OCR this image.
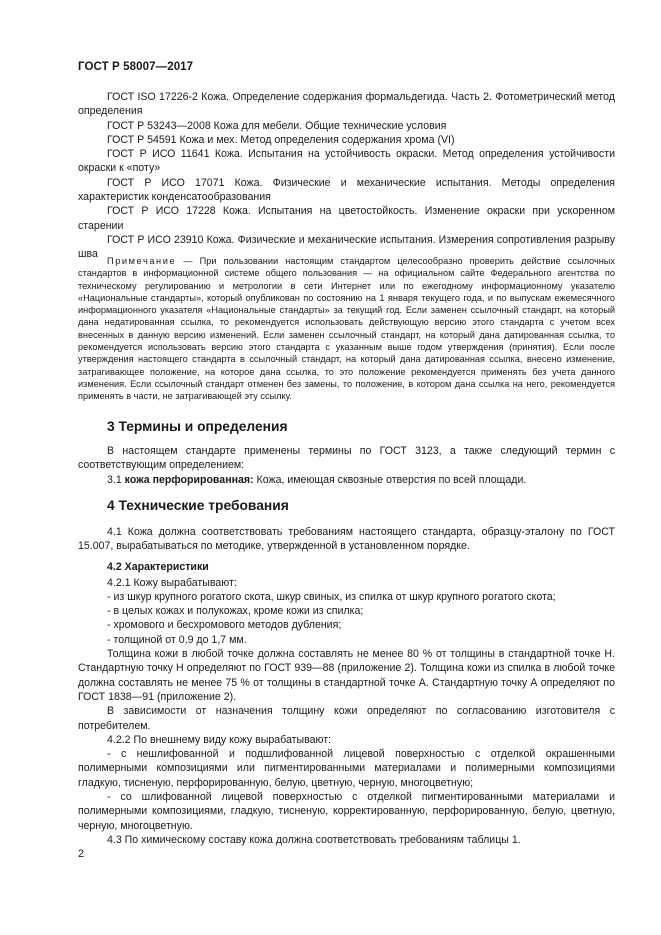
ГОСТ Р 58007—2017

ГОСТ ISO 17226-2 Кожа. Определение содержания формальдегида. Часть 2. Фотометрический метод определения

ГОСТ Р 53243—2008 Кожа для мебели. Общие технические условия

ГОСТ Р 54591 Кожа и мех. Метод определения содержания хрома (VI)

ГОСТ Р ИСО 11641 Кожа. Испытания на устойчивость окраски. Метод определения устойчивости окраски к «поту»

ГОСТ Р ИСО 17071 Кожа. Физические и механические испытания. Методы определения характеристик конденсатообразования

ГОСТ Р ИСО 17228 Кожа. Испытания на цветостойкость. Изменение окраски при ускоренном старении

ГОСТ Р ИСО 23910 Кожа. Физические и механические испытания. Измерения сопротивления разрыву шва

Примечание — При пользовании настоящим стандартом целесообразно проверить действие ссылочных стандартов в информационной системе общего пользования — на официальном сайте Федерального агентства по техническому регулированию и метрологии в сети Интернет или по ежегодному информационному указателю «Национальные стандарты», который опубликован по состоянию на 1 января текущего года, и по выпускам ежемесячного информационного указателя «Национальные стандарты» за текущий год. Если заменен ссылочный стандарт, на который дана недатированная ссылка, то рекомендуется использовать действующую версию этого стандарта с учетом всех внесенных в данную версию изменений. Если заменен ссылочный стандарт, на который дана датированная ссылка, то рекомендуется использовать версию этого стандарта с указанным выше годом утверждения (принятия). Если после утверждения настоящего стандарта в ссылочный стандарт, на который дана датированная ссылка, внесено изменение, затрагивающее положение, на которое дана ссылка, то это положение рекомендуется применять без учета данного изменения. Если ссылочный стандарт отменен без замены, то положение, в котором дана ссылка на него, рекомендуется применять в части, не затрагивающей эту ссылку.

3 Термины и определения

В настоящем стандарте применены термины по ГОСТ 3123, а также следующий термин с соответствующим определением:

3.1 кожа перфорированная: Кожа, имеющая сквозные отверстия по всей площади.

4 Технические требования

4.1 Кожа должна соответствовать требованиям настоящего стандарта, образцу-эталону по ГОСТ 15.007, вырабатываться по методике, утвержденной в установленном порядке.

4.2 Характеристики

4.2.1 Кожу вырабатывают:

- из шкур крупного рогатого скота, шкур свиных, из спилка от шкур крупного рогатого скота;

- в целых кожах и полукожах, кроме кожи из спилка;

- хромового и бесхромового методов дубления;

- толщиной от 0,9 до 1,7 мм.

Толщина кожи в любой точке должна составлять не менее 80 % от толщины в стандартной точке Н. Стандартную точку Н определяют по ГОСТ 939—88 (приложение 2). Толщина кожи из спилка в любой точке должна составлять не менее 75 % от толщины в стандартной точке А. Стандартную точку А определяют по ГОСТ 1838—91 (приложение 2).

В зависимости от назначения толщину кожи определяют по согласованию изготовителя с потребителем.

4.2.2 По внешнему виду кожу вырабатывают:

- с нешлифованной и подшлифованной лицевой поверхностью с отделкой окрашенными полимерными композициями или пигментированными материалами и полимерными композициями гладкую, тисненую, перфорированную, белую, цветную, черную, многоцветную;

- со шлифованной лицевой поверхностью с отделкой пигментированными материалами и полимерными композициями, гладкую, тисненую, корректированную, перфорированную, белую, цветную, черную, многоцветную.

4.3 По химическому составу кожа должна соответствовать требованиям таблицы 1.

2
